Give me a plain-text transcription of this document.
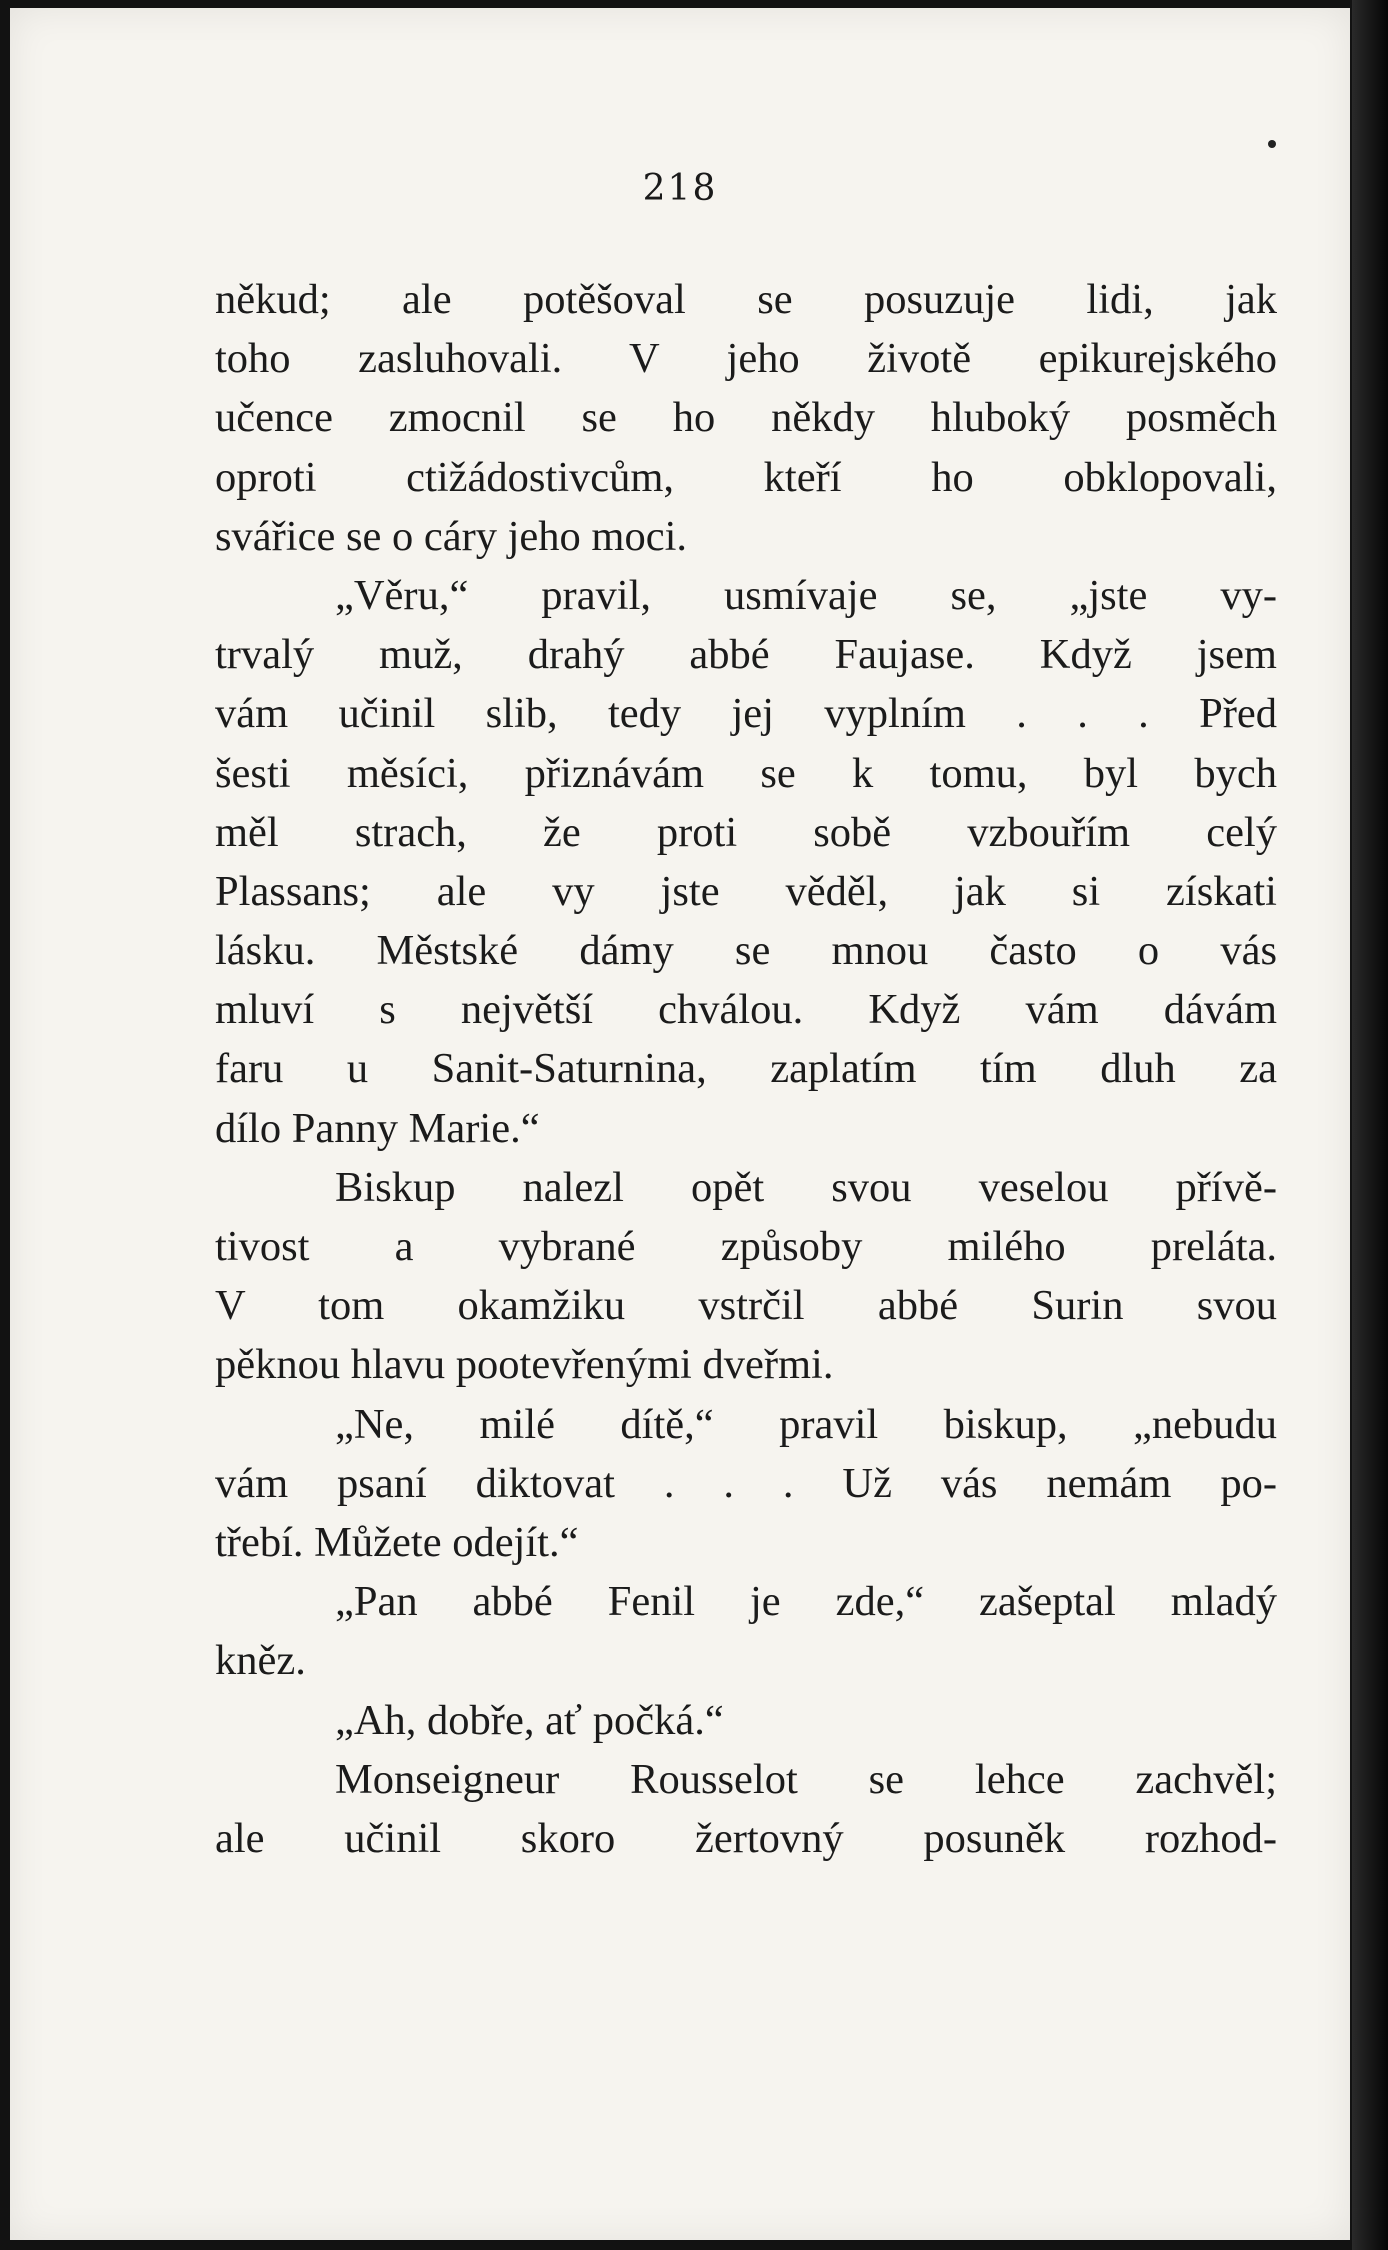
218
někud; ale potěšoval se posuzuje lidi, jak
toho zasluhovali. V jeho životě epikurejského
učence zmocnil se ho někdy hluboký posměch
oproti ctižádostivcům, kteří ho obklopovali,
svářice se o cáry jeho moci.
„Věru,“ pravil, usmívaje se, „jste vy-
trvalý muž, drahý abbé Faujase. Když jsem
vám učinil slib, tedy jej vyplním . . . Před
šesti měsíci, přiznávám se k tomu, byl bych
měl strach, že proti sobě vzbouřím celý
Plassans; ale vy jste věděl, jak si získati
lásku. Městské dámy se mnou často o vás
mluví s největší chválou. Když vám dávám
faru u Sanit-Saturnina, zaplatím tím dluh za
dílo Panny Marie.“
Biskup nalezl opět svou veselou přívě-
tivost a vybrané způsoby milého preláta.
V tom okamžiku vstrčil abbé Surin svou
pěknou hlavu pootevřenými dveřmi.
„Ne, milé dítě,“ pravil biskup, „nebudu
vám psaní diktovat . . . Už vás nemám po-
třebí. Můžete odejít.“
„Pan abbé Fenil je zde,“ zašeptal mladý
kněz.
„Ah, dobře, ať počká.“
Monseigneur Rousselot se lehce zachvěl;
ale učinil skoro žertovný posuněk rozhod-
